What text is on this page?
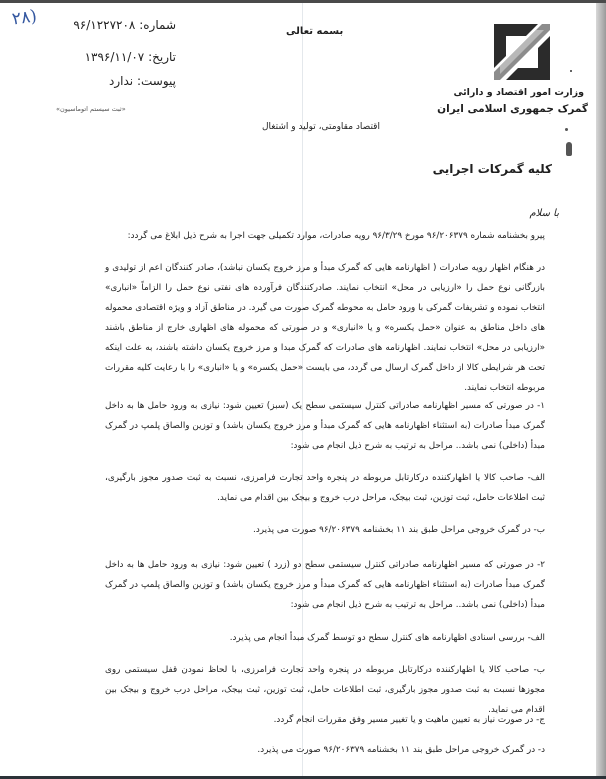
۲۸)	شماره: ۹۶/۱۲۲۷۲۰۸
تاریخ: ۱۳۹۶/۱۱/۰۷
پیوست: ندارد
«ثبت سیستم اتوماسیون»
بسمه تعالی
اقتصاد مقاومتی، تولید و اشتغال
وزارت امور اقتصاد و دارائی
گمرک جمهوری اسلامی ایران
کلیه گمرکات اجرایی
با سلام

پیرو بخشنامه شماره ۹۶/۲۰۶۳۷۹ مورخ ۹۶/۳/۲۹ رویه صادرات، موارد تکمیلی جهت اجرا به شرح ذیل ابلاغ می گردد:

در هنگام اظهار رویه صادرات ( اظهارنامه هایی که گمرک مبدأ و مرز خروج یکسان نباشد)، صادر کنندگان اعم از تولیدی و بازرگانی نوع حمل را «ارزیابی در محل» انتخاب نمایند. صادرکنندگان فرآورده های نفتی نوع حمل را الزاماً «انباری» انتخاب نموده و تشریفات گمرکی با ورود حامل به محوطه گمرک صورت می گیرد. در مناطق آزاد و ویژه اقتصادی محموله های داخل مناطق به عنوان «حمل یکسره» و یا «انباری» و در صورتی که محموله های اظهاری خارج از مناطق باشند «ارزیابی در محل» انتخاب نمایند. اظهارنامه های صادرات که گمرک مبدا و مرز خروج یکسان داشته باشند، به علت اینکه تحت هر شرایطی کالا از داخل گمرک ارسال می گردد، می بایست «حمل یکسره» و یا «انباری» را با رعایت کلیه مقررات مربوطه انتخاب نمایند.

۱- در صورتی که مسیر اظهارنامه صادراتی کنترل سیستمی سطح یک (سبز) تعیین شود: نیازی به ورود حامل ها به داخل گمرک مبدأ صادرات (به استثناء اظهارنامه هایی که گمرک مبدأ و مرز خروج یکسان باشد) و توزین والصاق پلمپ در گمرک مبدأ (داخلی) نمی باشد.. مراحل به ترتیب به شرح ذیل انجام می شود:

الف- صاحب کالا یا اظهارکننده درکارتابل مربوطه در پنجره واحد تجارت فرامرزی، نسبت به ثبت صدور مجوز بارگیری، ثبت اطلاعات حامل، ثبت توزین، ثبت بیجک، مراحل درب خروج و بیجک بین اقدام می نماید.

ب- در گمرک خروجی مراحل طبق بند ۱۱ بخشنامه ۹۶/۲۰۶۳۷۹ صورت می پذیرد.

۲- در صورتی که مسیر اظهارنامه صادراتی کنترل سیستمی سطح دو (زرد ) تعیین شود: نیازی به ورود حامل ها به داخل گمرک مبدأ صادرات (به استثناء اظهارنامه هایی که گمرک مبدأ و مرز خروج یکسان باشد) و توزین والصاق پلمپ در گمرک مبدأ (داخلی) نمی باشد.. مراحل به ترتیب به شرح ذیل انجام می شود:

الف- بررسی اسنادی اظهارنامه های کنترل سطح دو توسط گمرک مبدأ انجام می پذیرد.

ب- صاحب کالا یا اظهارکننده درکارتابل مربوطه در پنجره واحد تجارت فرامرزی، با لحاظ نمودن قفل سیستمی روی مجوزها نسبت به ثبت صدور مجوز بارگیری، ثبت اطلاعات حامل، ثبت توزین، ثبت بیجک، مراحل درب خروج و بیجک بین اقدام می نماید.

ج- در صورت نیاز به تعیین ماهیت و یا تغییر مسیر وفق مقررات انجام گردد.

د- در گمرک خروجی مراحل طبق بند ۱۱ بخشنامه ۹۶/۲۰۶۳۷۹ صورت می پذیرد.
